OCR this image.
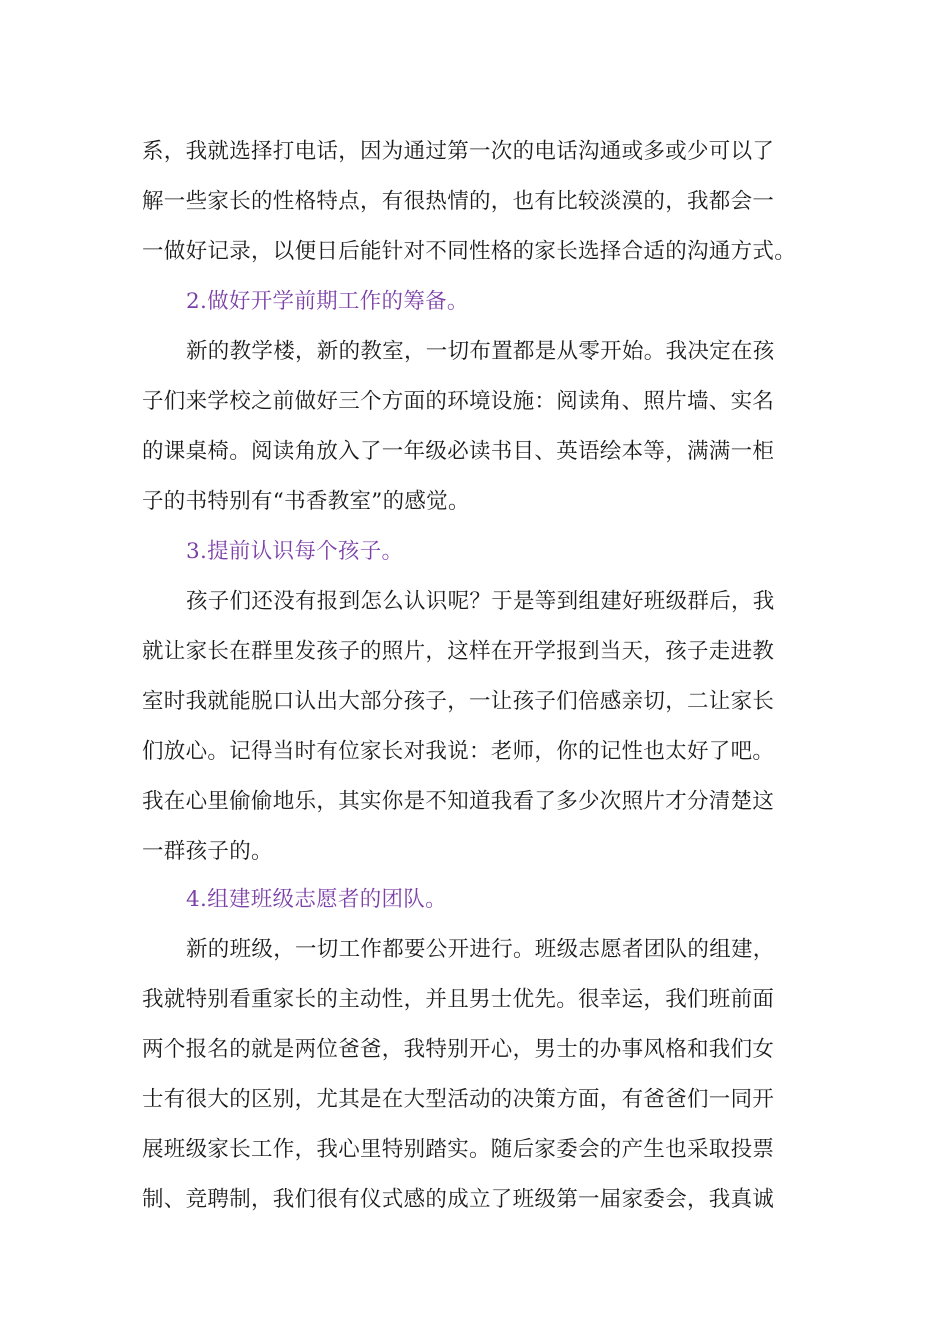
系，我就选择打电话，因为通过第一次的电话沟通或多或少可以了
解一些家长的性格特点，有很热情的，也有比较淡漠的，我都会一
一做好记录，以便日后能针对不同性格的家长选择合适的沟通方式。
2.做好开学前期工作的筹备。
新的教学楼，新的教室，一切布置都是从零开始。我决定在孩
子们来学校之前做好三个方面的环境设施：阅读角、照片墙、实名
的课桌椅。阅读角放入了一年级必读书目、英语绘本等，满满一柜
子的书特别有“书香教室”的感觉。
3.提前认识每个孩子。
孩子们还没有报到怎么认识呢？于是等到组建好班级群后，我
就让家长在群里发孩子的照片，这样在开学报到当天，孩子走进教
室时我就能脱口认出大部分孩子，一让孩子们倍感亲切，二让家长
们放心。记得当时有位家长对我说：老师，你的记性也太好了吧。
我在心里偷偷地乐，其实你是不知道我看了多少次照片才分清楚这
一群孩子的。
4.组建班级志愿者的团队。
新的班级，一切工作都要公开进行。班级志愿者团队的组建，
我就特别看重家长的主动性，并且男士优先。很幸运，我们班前面
两个报名的就是两位爸爸，我特别开心，男士的办事风格和我们女
士有很大的区别，尤其是在大型活动的决策方面，有爸爸们一同开
展班级家长工作，我心里特别踏实。随后家委会的产生也采取投票
制、竞聘制，我们很有仪式感的成立了班级第一届家委会，我真诚
